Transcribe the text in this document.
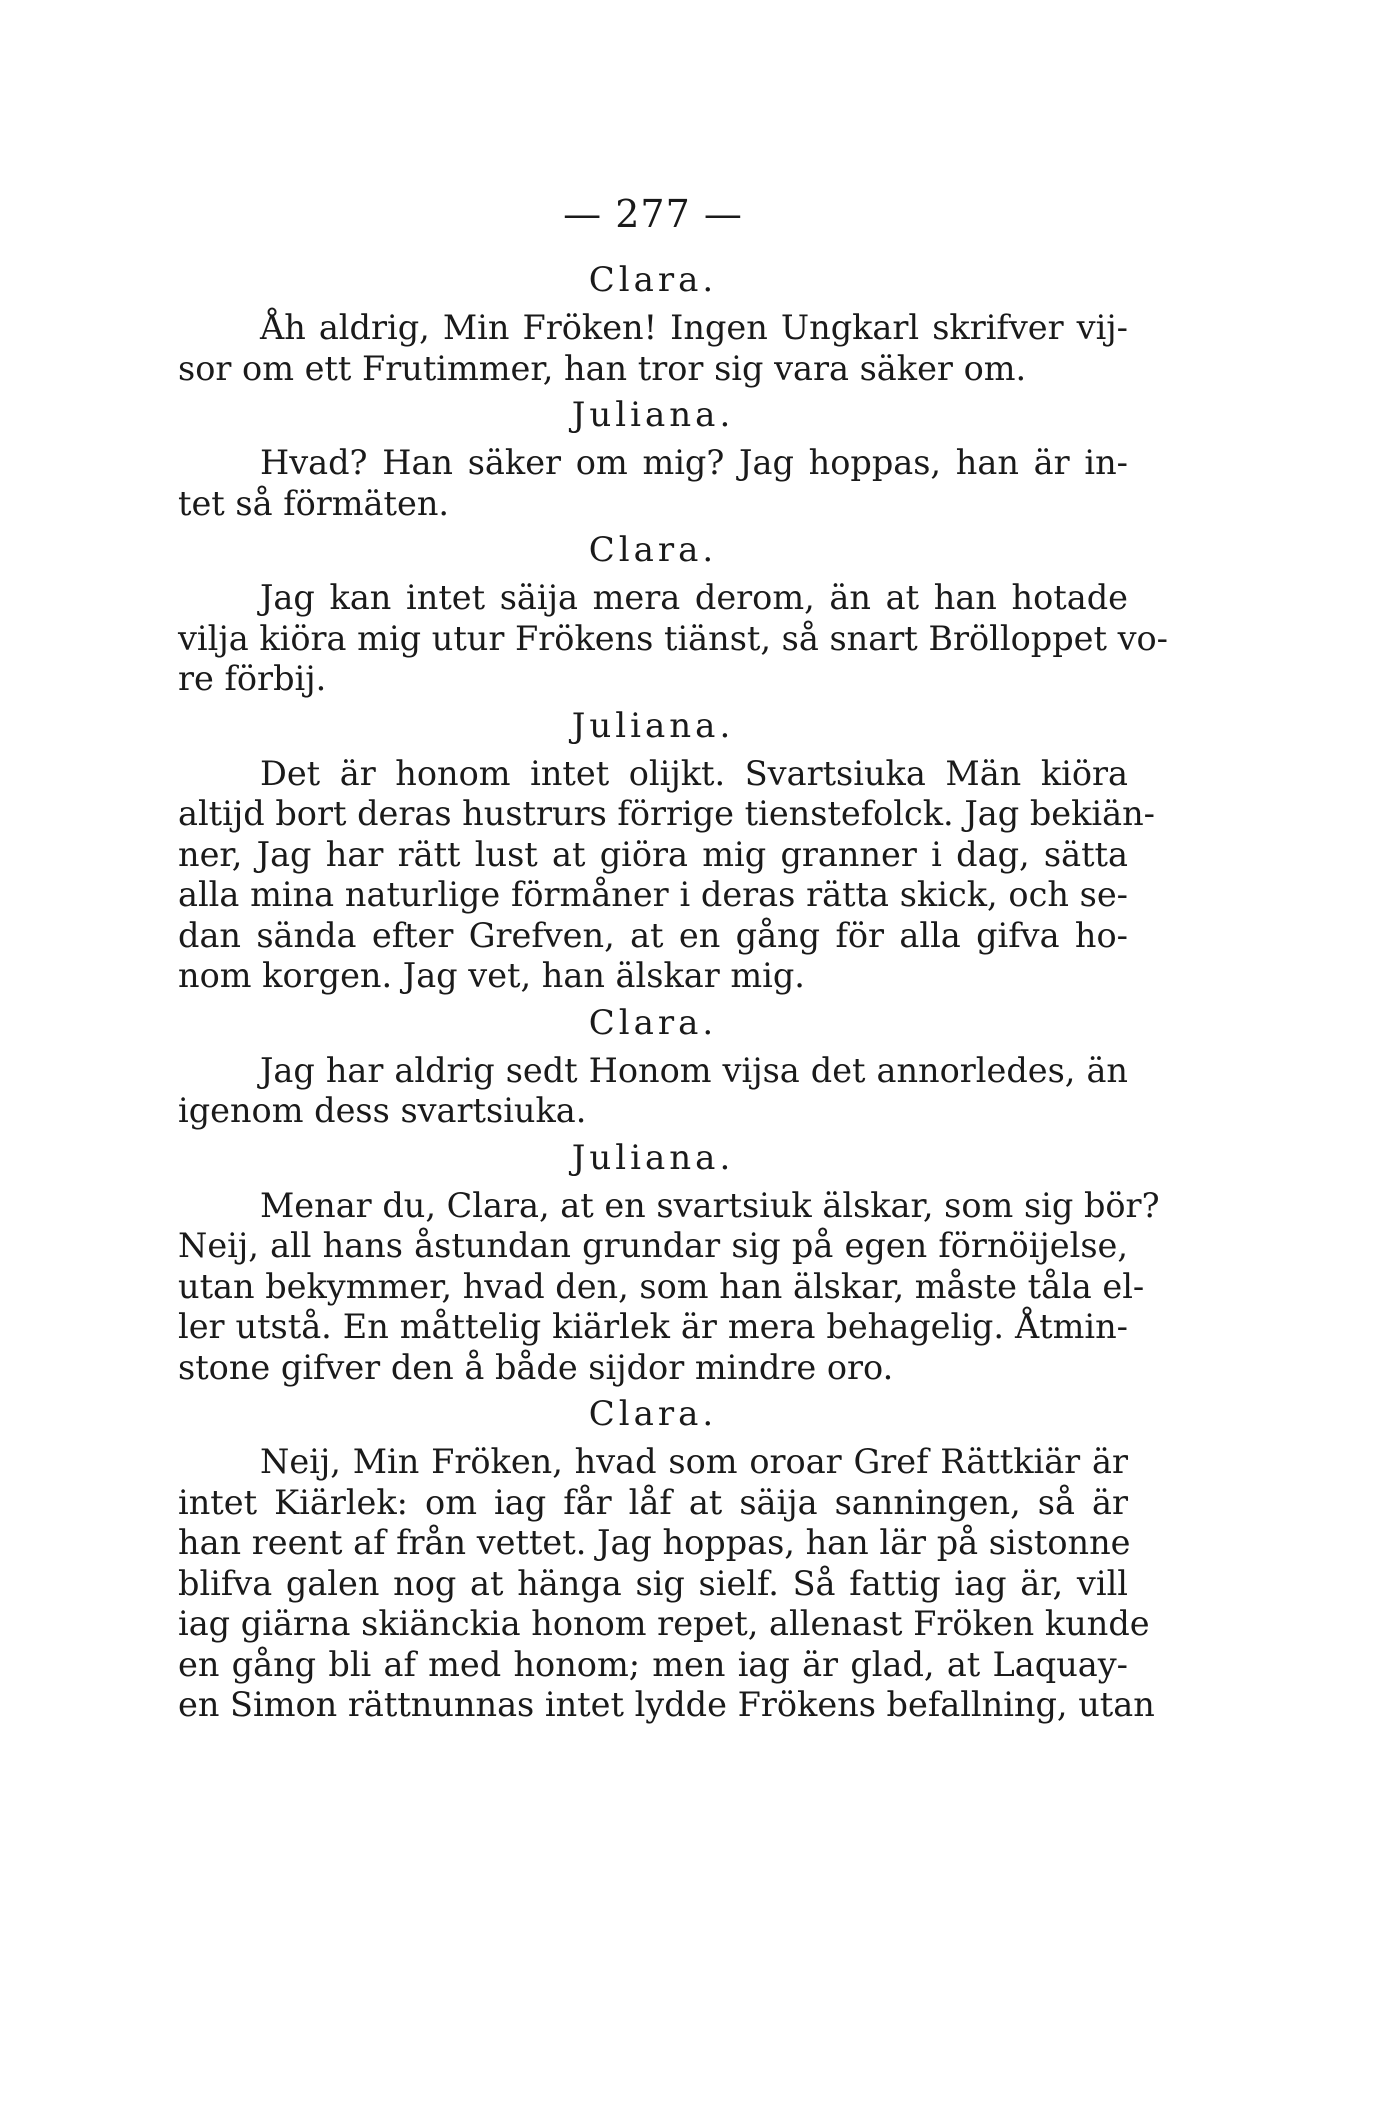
— 277 —
Clara.
Åh aldrig, Min Fröken! Ingen Ungkarl skrifver vij-
sor om ett Frutimmer, han tror sig vara säker om.
Juliana.
Hvad? Han säker om mig? Jag hoppas, han är in-
tet så förmäten.
Clara.
Jag kan intet säija mera derom, än at han hotade
vilja kiöra mig utur Frökens tiänst, så snart Brölloppet vo-
re förbij.
Juliana.
Det är honom intet olijkt. Svartsiuka Män kiöra
altijd bort deras hustrurs förrige tienstefolck. Jag bekiän-
ner, Jag har rätt lust at giöra mig granner i dag, sätta
alla mina naturlige förmåner i deras rätta skick, och se-
dan sända efter Grefven, at en gång för alla gifva ho-
nom korgen. Jag vet, han älskar mig.
Clara.
Jag har aldrig sedt Honom vijsa det annorledes, än
igenom dess svartsiuka.
Juliana.
Menar du, Clara, at en svartsiuk älskar, som sig bör?
Neij, all hans åstundan grundar sig på egen förnöijelse,
utan bekymmer, hvad den, som han älskar, måste tåla el-
ler utstå. En måttelig kiärlek är mera behagelig. Åtmin-
stone gifver den å både sijdor mindre oro.
Clara.
Neij, Min Fröken, hvad som oroar Gref Rättkiär är
intet Kiärlek: om iag får låf at säija sanningen, så är
han reent af från vettet. Jag hoppas, han lär på sistonne
blifva galen nog at hänga sig sielf. Så fattig iag är, vill
iag giärna skiänckia honom repet, allenast Fröken kunde
en gång bli af med honom; men iag är glad, at Laquay-
en Simon rättnunnas intet lydde Frökens befallning, utan
